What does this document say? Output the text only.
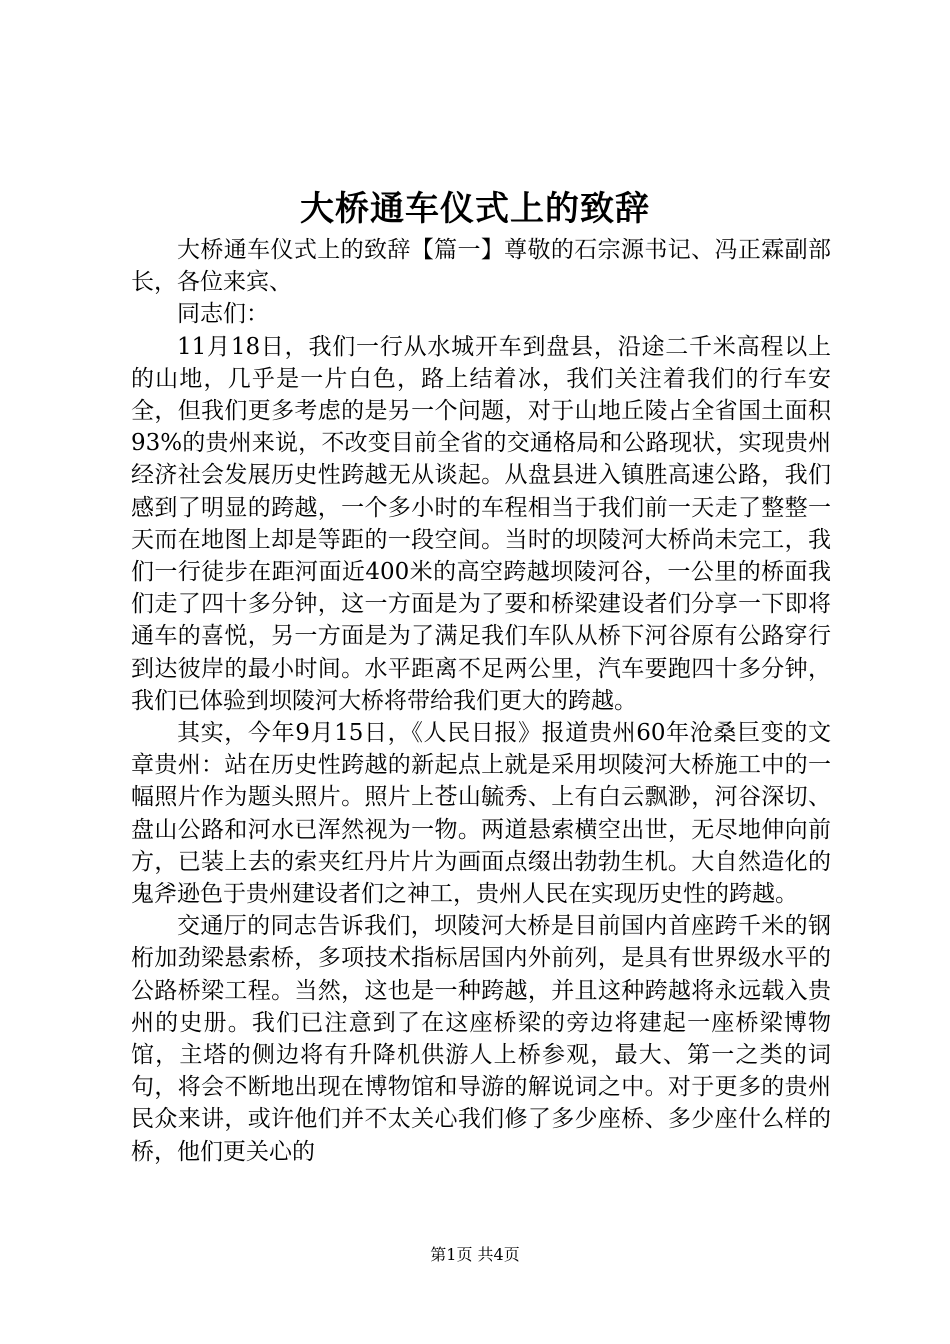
大桥通车仪式上的致辞

大桥通车仪式上的致辞【篇一】尊敬的石宗源书记、冯正霖副部长，各位来宾、

同志们：

11月18日，我们一行从水城开车到盘县，沿途二千米高程以上的山地，几乎是一片白色，路上结着冰，我们关注着我们的行车安全，但我们更多考虑的是另一个问题，对于山地丘陵占全省国土面积93%的贵州来说，不改变目前全省的交通格局和公路现状，实现贵州经济社会发展历史性跨越无从谈起。从盘县进入镇胜高速公路，我们感到了明显的跨越，一个多小时的车程相当于我们前一天走了整整一天而在地图上却是等距的一段空间。当时的坝陵河大桥尚未完工，我们一行徒步在距河面近400米的高空跨越坝陵河谷，一公里的桥面我们走了四十多分钟，这一方面是为了要和桥梁建设者们分享一下即将通车的喜悦，另一方面是为了满足我们车队从桥下河谷原有公路穿行到达彼岸的最小时间。水平距离不足两公里，汽车要跑四十多分钟，我们已体验到坝陵河大桥将带给我们更大的跨越。

其实，今年9月15日，《人民日报》报道贵州60年沧桑巨变的文章贵州：站在历史性跨越的新起点上就是采用坝陵河大桥施工中的一幅照片作为题头照片。照片上苍山毓秀、上有白云飘渺，河谷深切、盘山公路和河水已浑然视为一物。两道悬索横空出世，无尽地伸向前方，已装上去的索夹红丹片片为画面点缀出勃勃生机。大自然造化的鬼斧逊色于贵州建设者们之神工，贵州人民在实现历史性的跨越。

交通厅的同志告诉我们，坝陵河大桥是目前国内首座跨千米的钢桁加劲梁悬索桥，多项技术指标居国内外前列，是具有世界级水平的公路桥梁工程。当然，这也是一种跨越，并且这种跨越将永远载入贵州的史册。我们已注意到了在这座桥梁的旁边将建起一座桥梁博物馆，主塔的侧边将有升降机供游人上桥参观，最大、第一之类的词句，将会不断地出现在博物馆和导游的解说词之中。对于更多的贵州民众来讲，或许他们并不太关心我们修了多少座桥、多少座什么样的桥，他们更关心的

第1页 共4页
